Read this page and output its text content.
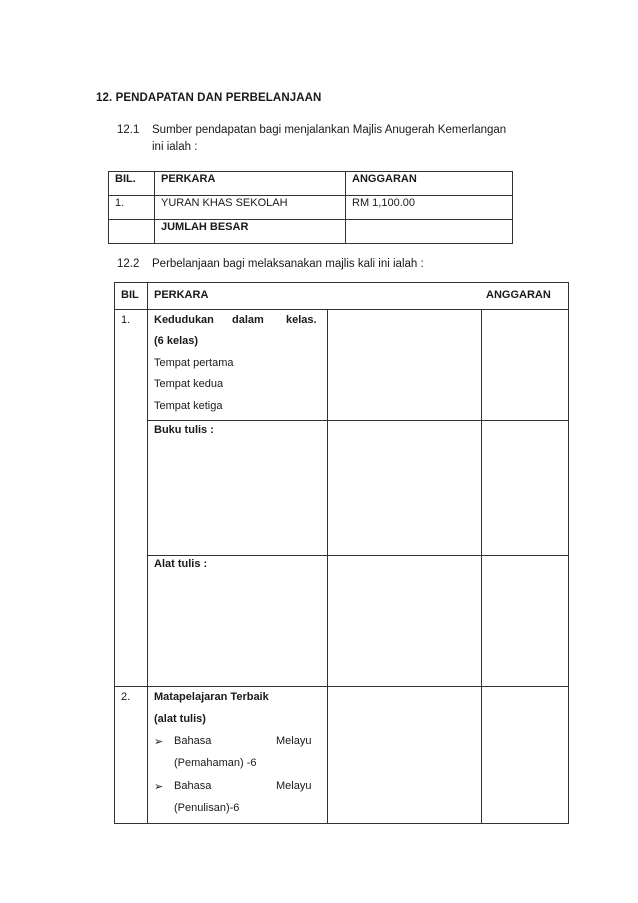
12. PENDAPATAN DAN PERBELANJAAN
12.1 Sumber pendapatan bagi menjalankan Majlis Anugerah Kemerlangan
ini ialah :
BIL.	PERKARA	ANGGARAN
1.	YURAN KHAS SEKOLAH	RM 1,100.00
	JUMLAH BESAR	
12.2 Perbelanjaan bagi melaksanakan majlis kali ini ialah :
BIL PERKARA	ANGGARAN
1. Kedudukan dalam kelas.
(6 kelas)
Tempat pertama
Tempat kedua
Tempat ketiga
Buku tulis :
Alat tulis :
2. Matapelajaran Terbaik
(alat tulis)
➢ Bahasa	Melayu
(Pemahaman) -6
➢ Bahasa	Melayu
(Penulisan)-6
